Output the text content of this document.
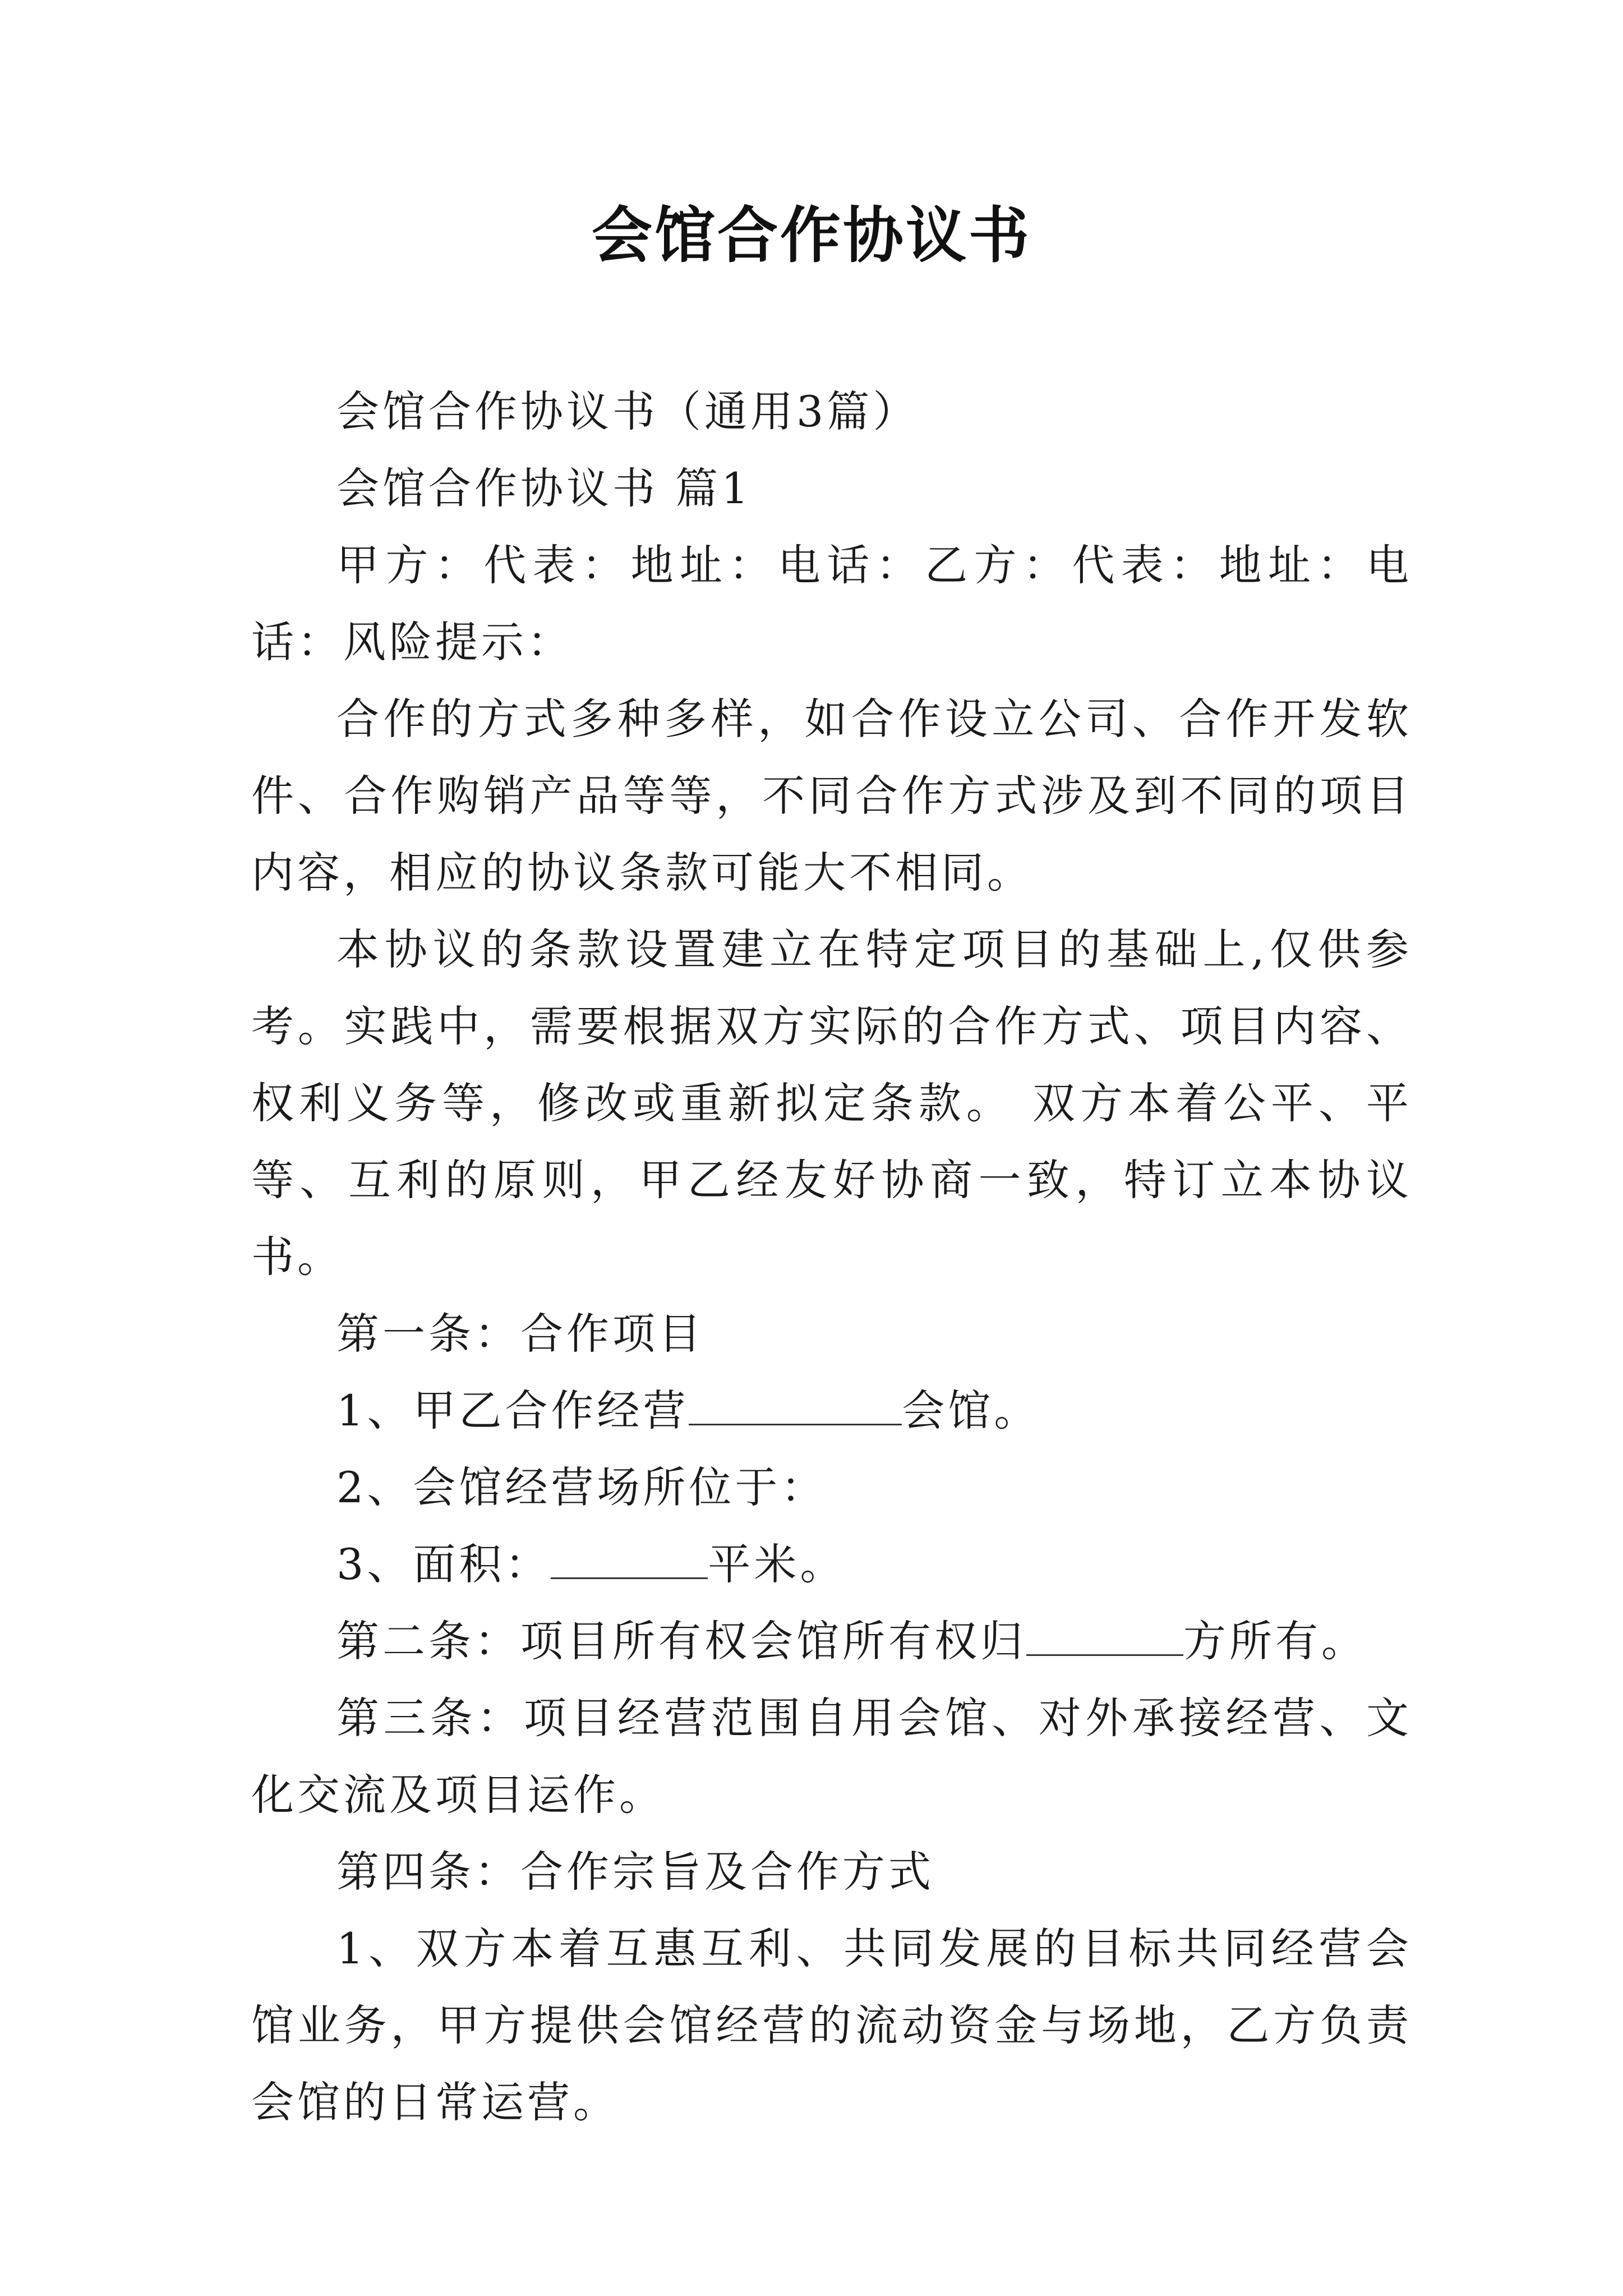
会馆合作协议书

会馆合作协议书（通用3篇）

会馆合作协议书 篇1

甲方：代表：地址：电话：乙方：代表：地址：电话：风险提示：

合作的方式多种多样，如合作设立公司、合作开发软件、合作购销产品等等，不同合作方式涉及到不同的项目内容，相应的协议条款可能大不相同。

本协议的条款设置建立在特定项目的基础上,仅供参考。实践中，需要根据双方实际的合作方式、项目内容、权利义务等，修改或重新拟定条款。 双方本着公平、平等、互利的原则，甲乙经友好协商一致，特订立本协议书。

第一条：合作项目

1、甲乙合作经营	会馆。

2、会馆经营场所位于：

3、面积：	平米。

第二条：项目所有权会馆所有权归	方所有。

第三条：项目经营范围自用会馆、对外承接经营、文化交流及项目运作。

第四条：合作宗旨及合作方式

1、双方本着互惠互利、共同发展的目标共同经营会馆业务，甲方提供会馆经营的流动资金与场地，乙方负责会馆的日常运营。
